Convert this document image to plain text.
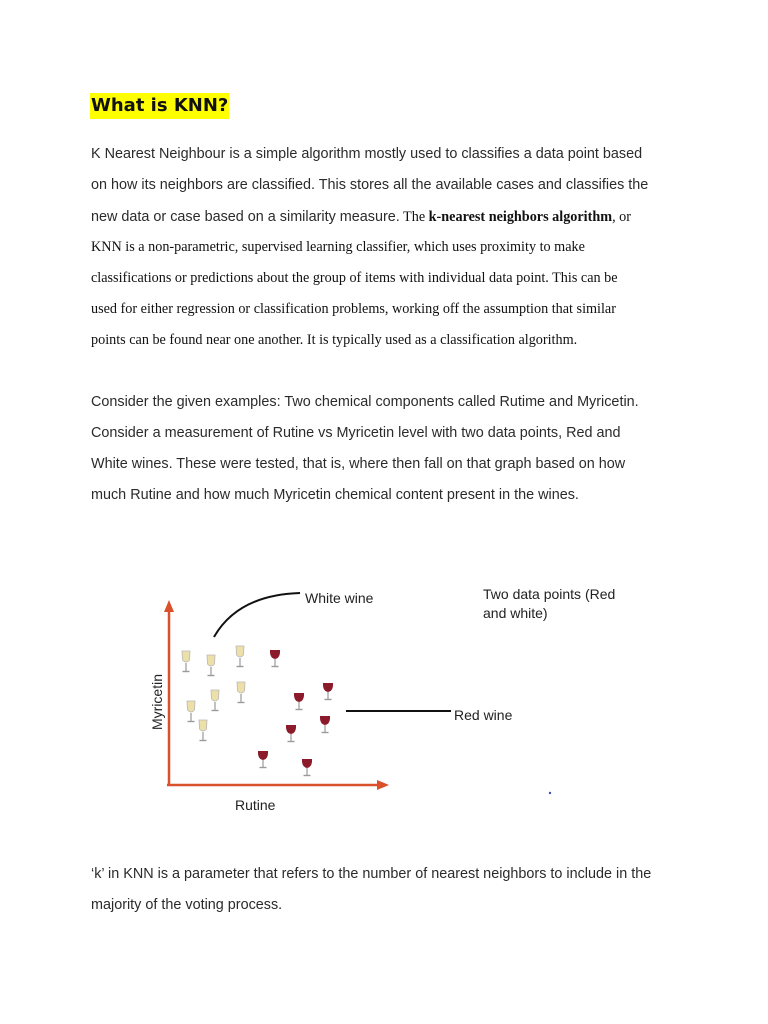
What is KNN?
K Nearest Neighbour is a simple algorithm mostly used to classifies a data point based
on how its neighbors are classified. This stores all the available cases and classifies the
new data or case based on a similarity measure. The k-nearest neighbors algorithm, or
KNN is a non-parametric, supervised learning classifier, which uses proximity to make
classifications or predictions about the group of items with individual data point. This can be
used for either regression or classification problems, working off the assumption that similar
points can be found near one another. It is typically used as a classification algorithm.
Consider the given examples: Two chemical components called Rutime and Myricetin.
Consider a measurement of Rutine vs Myricetin level with two data points, Red and
White wines. These were tested, that is, where then fall on that graph based on how
much Rutine and how much Myricetin chemical content present in the wines.
Rutine
Myricetin
White wine	Two data points (Red
and white)
Red wine
‘k’ in KNN is a parameter that refers to the number of nearest neighbors to include in the
majority of the voting process.
